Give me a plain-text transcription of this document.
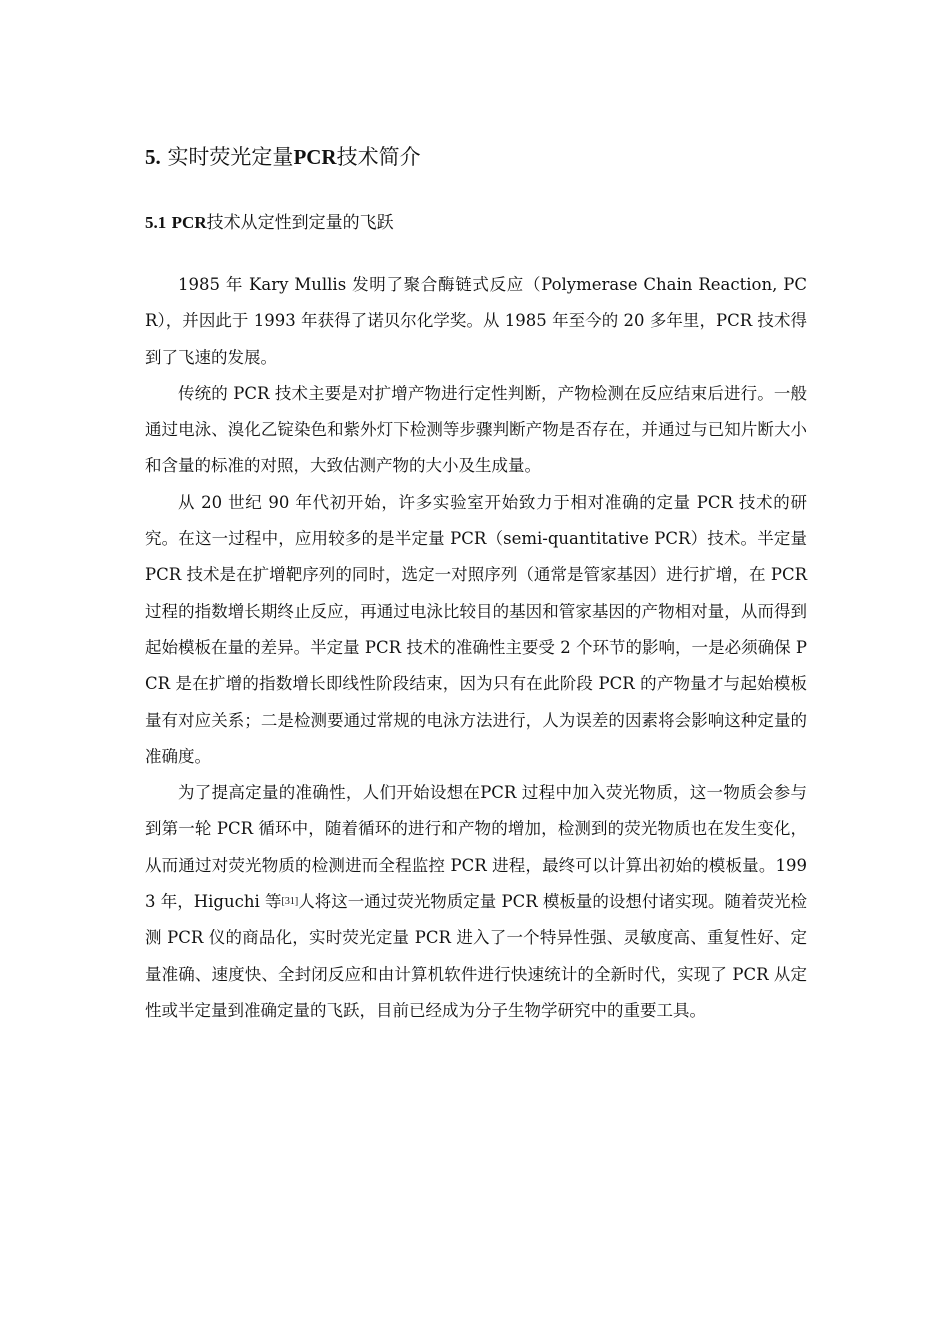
5. 实时荧光定量PCR技术简介
5.1 PCR技术从定性到定量的飞跃

1985 年 Kary Mullis 发明了聚合酶链式反应（Polymerase Chain Reaction, PCR），并因此于 1993 年获得了诺贝尔化学奖。从 1985 年至今的 20 多年里，PCR 技术得到了飞速的发展。

传统的 PCR 技术主要是对扩增产物进行定性判断，产物检测在反应结束后进行。一般通过电泳、溴化乙锭染色和紫外灯下检测等步骤判断产物是否存在，并通过与已知片断大小和含量的标准的对照，大致估测产物的大小及生成量。

从 20 世纪 90 年代初开始，许多实验室开始致力于相对准确的定量 PCR 技术的研究。在这一过程中，应用较多的是半定量 PCR（semi-quantitative PCR）技术。半定量 PCR 技术是在扩增靶序列的同时，选定一对照序列（通常是管家基因）进行扩增，在 PCR 过程的指数增长期终止反应，再通过电泳比较目的基因和管家基因的产物相对量，从而得到起始模板在量的差异。半定量 PCR 技术的准确性主要受 2 个环节的影响，一是必须确保 PCR 是在扩增的指数增长即线性阶段结束，因为只有在此阶段 PCR 的产物量才与起始模板量有对应关系；二是检测要通过常规的电泳方法进行，人为误差的因素将会影响这种定量的准确度。

为了提高定量的准确性，人们开始设想在PCR 过程中加入荧光物质，这一物质会参与到第一轮 PCR 循环中，随着循环的进行和产物的增加，检测到的荧光物质也在发生变化，从而通过对荧光物质的检测进而全程监控 PCR 进程，最终可以计算出初始的模板量。1993 年，Higuchi 等[31]人将这一通过荧光物质定量 PCR 模板量的设想付诸实现。随着荧光检测 PCR 仪的商品化，实时荧光定量 PCR 进入了一个特异性强、灵敏度高、重复性好、定量准确、速度快、全封闭反应和由计算机软件进行快速统计的全新时代，实现了 PCR 从定性或半定量到准确定量的飞跃，目前已经成为分子生物学研究中的重要工具。
